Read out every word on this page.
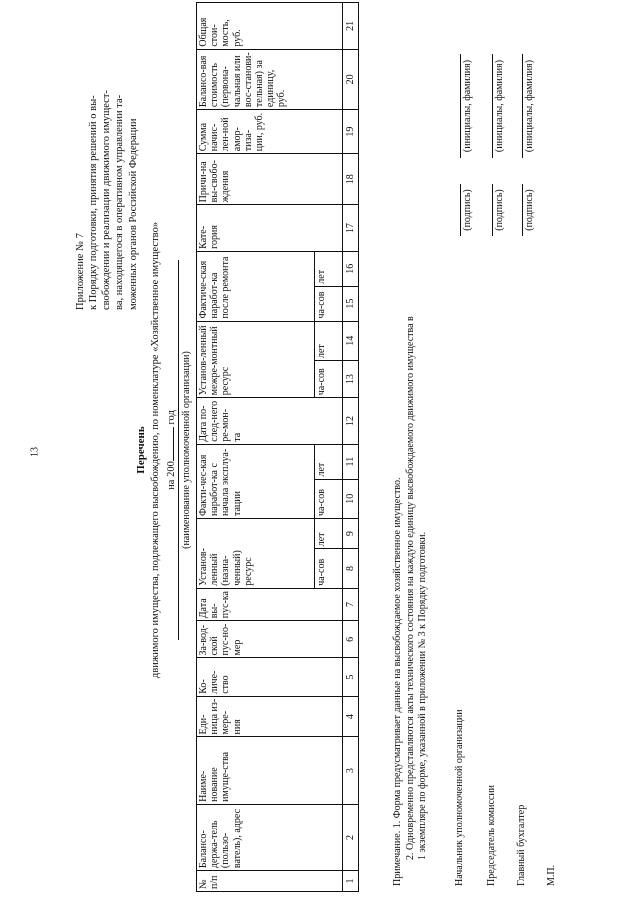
13
Приложение № 7 к Порядку подготовки, принятия решений о вы- свобождении и реализации движимого имущест- ва, находящегося в оперативном управлении та- моженных органов Российской Федерации
Перечень движимого имущества, подлежащего высвобождению, по номенклатуре «Хозяйственное имущество» на 200 год (наименование уполномоченной организации)
№ п/п	Балансо-держа-тель (пользо-ватель), адрес	Наиме-нование имуще-ства	Еди-ница из-мере-ния	Ко-личе-ство	За-вод-ской пус-но-мер	Дата вы-пус-ка	Установ-ленный (назна-ченный) ресурс		Факти-чес-кая наработ-ка с начала эксплуа-тации		Дата по-след-него ре-мон-та	Установ-ленный межре-монтный ресурс		Фактиче-ская наработ-ка после ремонта		Кате-гория	Причи-на вы-свобо-ждения	Сумма начис-лен-ной амор-тиза-ции, руб.	Балансо-вая стоимость (первона-чальная или вос-станови-тельная) за единицу, руб.	Общая стои-мость, руб.
							ча-сов	лет	ча-сов	лет		ча-сов	лет	ча-сов	лет					
1	2	3	4	5	6	7	8	9	10	11	12	13	14	15	16	17	18	19	20	21
Примечание. 1. Форма предусматривает данные на высвобождаемое хозяйственное имущество. 2. Одновременно представляются акты технического состояния на каждую единицу высвобождаемого движимого имущества в 1 экземпляре по форме, указанной в приложении № 3 к Порядку подготовки.	Начальник уполномоченной организации Председатель комиссии Главный бухгалтер М.П.
(подпись)
(инициалы, фамилия)
(подпись)
(инициалы, фамилия)
(подпись)
(инициалы, фамилия)
